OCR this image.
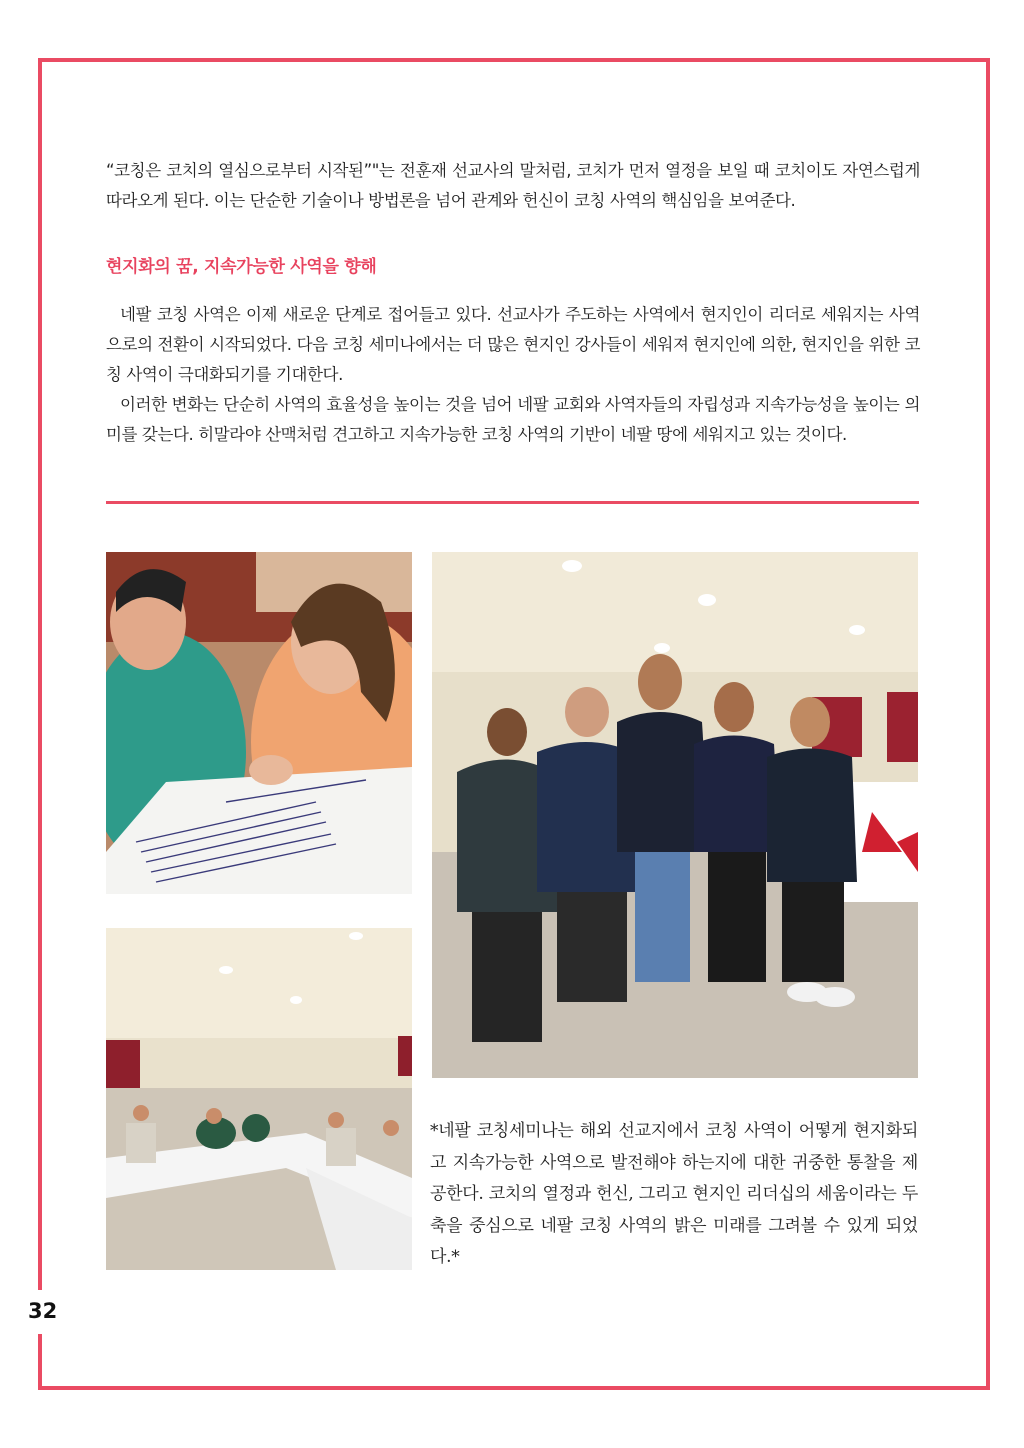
“코칭은 코치의 열심으로부터 시작된”"는 전훈재 선교사의 말처럼, 코치가 먼저 열정을 보일 때 코치이도 자연스럽게 따라오게 된다. 이는 단순한 기술이나 방법론을 넘어 관계와 헌신이 코칭 사역의 핵심임을 보여준다.

현지화의 꿈, 지속가능한 사역을 향해

네팔 코칭 사역은 이제 새로운 단계로 접어들고 있다. 선교사가 주도하는 사역에서 현지인이 리더로 세워지는 사역으로의 전환이 시작되었다. 다음 코칭 세미나에서는 더 많은 현지인 강사들이 세워져 현지인에 의한, 현지인을 위한 코칭 사역이 극대화되기를 기대한다.

이러한 변화는 단순히 사역의 효율성을 높이는 것을 넘어 네팔 교회와 사역자들의 자립성과 지속가능성을 높이는 의미를 갖는다. 히말라야 산맥처럼 견고하고 지속가능한 코칭 사역의 기반이 네팔 땅에 세워지고 있는 것이다.

*네팔 코칭세미나는 해외 선교지에서 코칭 사역이 어떻게 현지화되고 지속가능한 사역으로 발전해야 하는지에 대한 귀중한 통찰을 제공한다. 코치의 열정과 헌신, 그리고 현지인 리더십의 세움이라는 두 축을 중심으로 네팔 코칭 사역의 밝은 미래를 그려볼 수 있게 되었다.*
32
